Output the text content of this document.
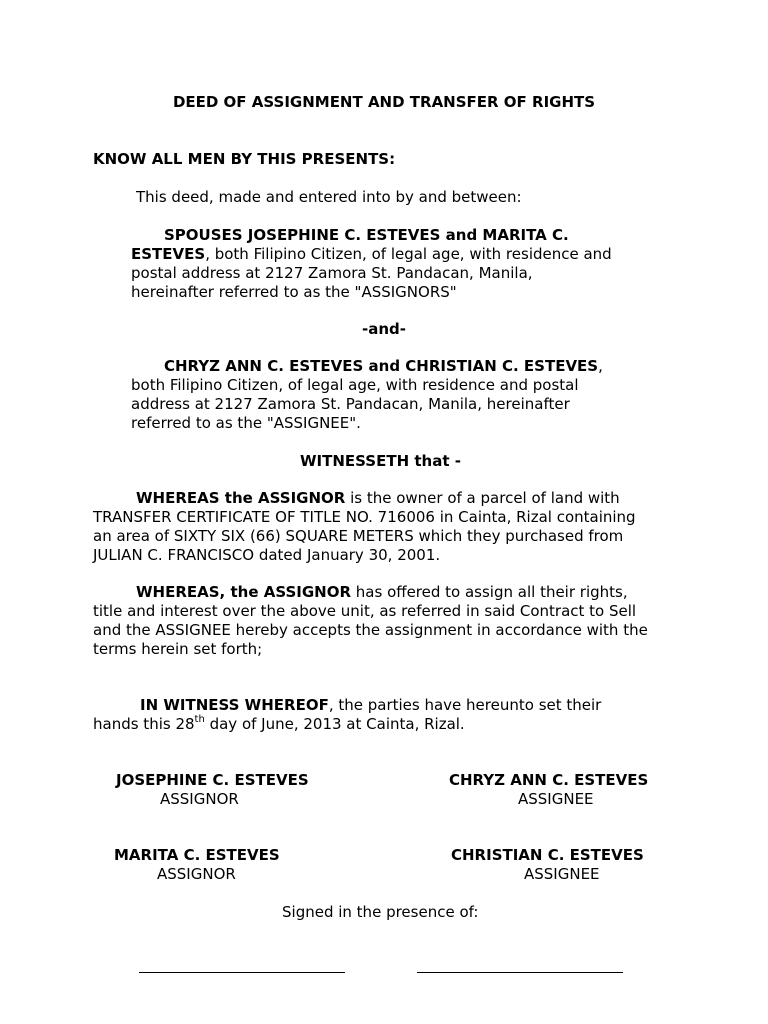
DEED OF ASSIGNMENT AND TRANSFER OF RIGHTS
KNOW ALL MEN BY THIS PRESENTS:
This deed, made and entered into by and between:
SPOUSES JOSEPHINE C. ESTEVES and MARITA C.
ESTEVES, both Filipino Citizen, of legal age, with residence and
postal address at 2127 Zamora St. Pandacan, Manila,
hereinafter referred to as the "ASSIGNORS"
-and-
CHRYZ ANN C. ESTEVES and CHRISTIAN C. ESTEVES,
both Filipino Citizen, of legal age, with residence and postal
address at 2127 Zamora St. Pandacan, Manila, hereinafter
referred to as the "ASSIGNEE".
WITNESSETH that -
WHEREAS the ASSIGNOR is the owner of a parcel of land with
TRANSFER CERTIFICATE OF TITLE NO. 716006 in Cainta, Rizal containing
an area of SIXTY SIX (66) SQUARE METERS which they purchased from
JULIAN C. FRANCISCO dated January 30, 2001.
WHEREAS, the ASSIGNOR has offered to assign all their rights,
title and interest over the above unit, as referred in said Contract to Sell
and the ASSIGNEE hereby accepts the assignment in accordance with the
terms herein set forth;
IN WITNESS WHEREOF, the parties have hereunto set their
hands this 28th day of June, 2013 at Cainta, Rizal.
JOSEPHINE C. ESTEVES
ASSIGNOR
CHRYZ ANN C. ESTEVES
ASSIGNEE
MARITA C. ESTEVES
ASSIGNOR
CHRISTIAN C. ESTEVES
ASSIGNEE
Signed in the presence of:
